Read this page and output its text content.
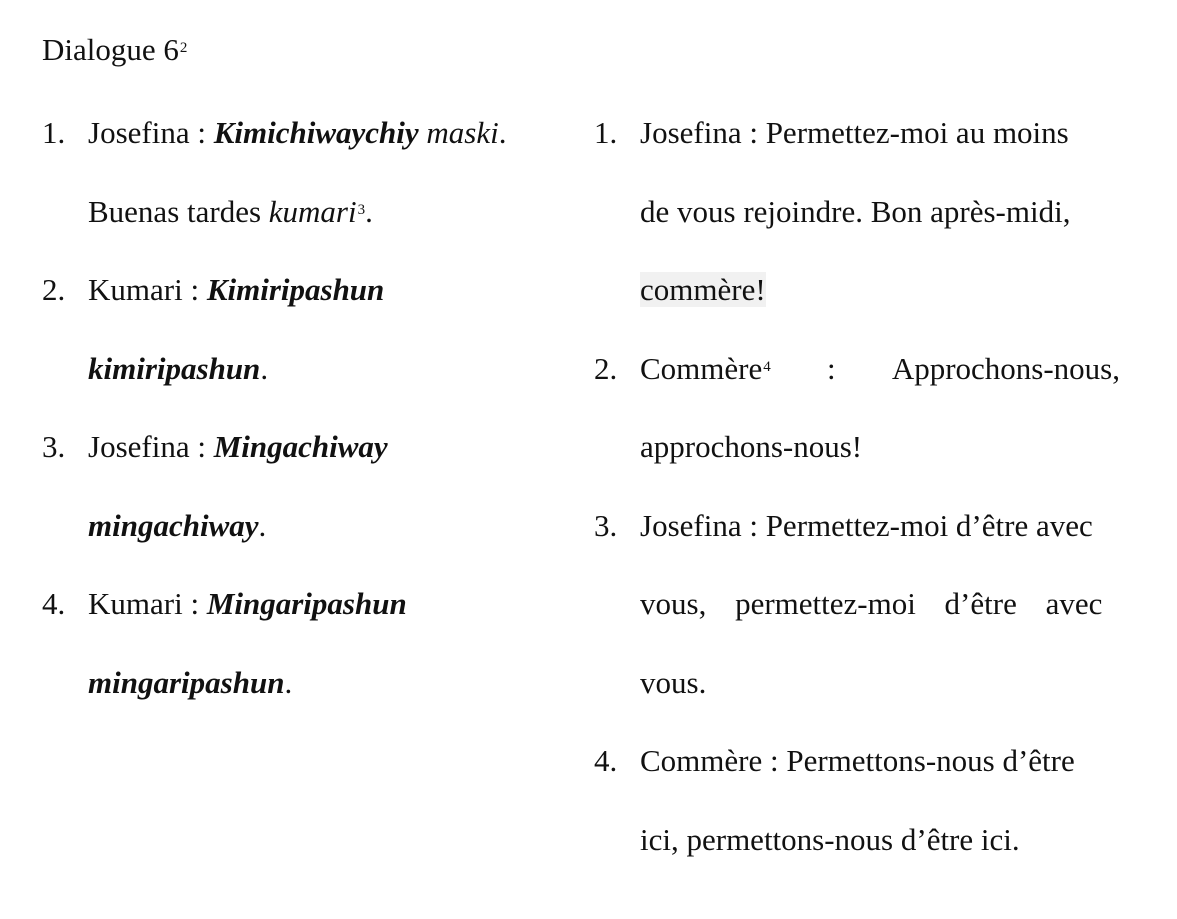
Dialogue $6^2$
1. Josefina : Kimichiwaychiy maski.
Buenas tardes kumari$^3$.
2. Kumari : Kimiripashun
kimiripashun.
3. Josefina : Mingachiway
mingachiway.
4. Kumari : Mingaripashun
mingaripashun.
1. Josefina : Permettez-moi au moins
de vous rejoindre. Bon après-midi,
commère!
2. Commère$^4$ : Approchons-nous,
approchons-nous!
3. Josefina : Permettez-moi d’être avec
vous, permettez-moi d’être avec
vous.
4. Commère : Permettons-nous d’être
ici, permettons-nous d’être ici.
